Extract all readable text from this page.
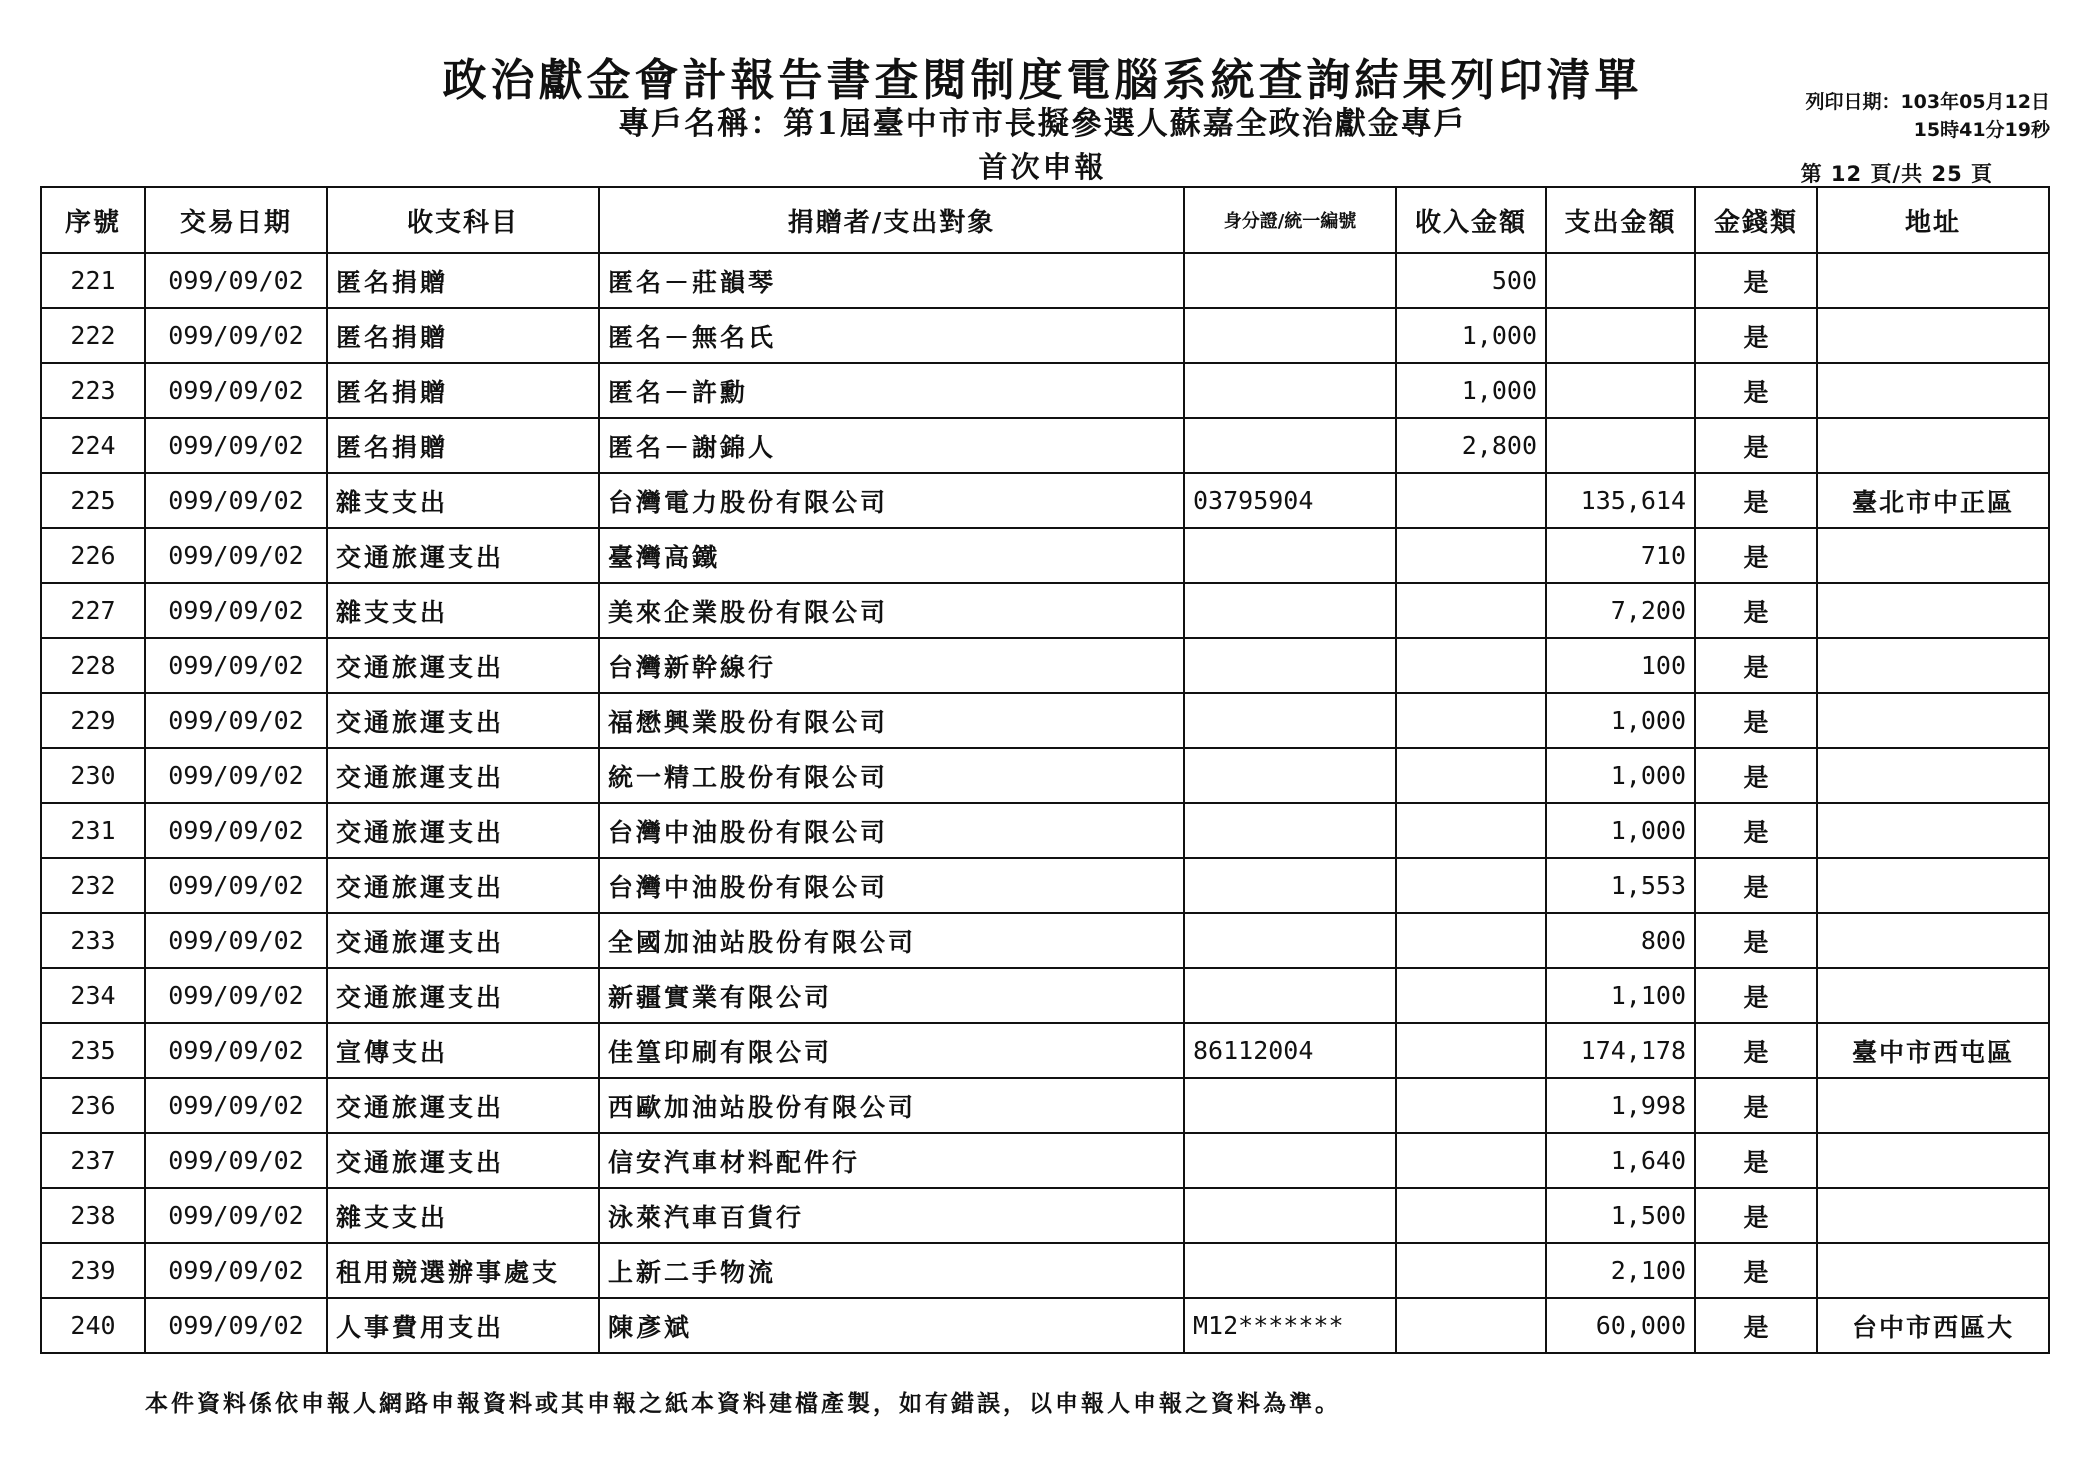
政治獻金會計報告書查閱制度電腦系統查詢結果列印清單
專戶名稱：第1屆臺中市市長擬參選人蘇嘉全政治獻金專戶
首次申報
列印日期：103年05月12日
15時41分19秒
第 12 頁/共 25 頁
序號	交易日期	收支科目	捐贈者/支出對象	身分證/統一編號	收入金額	支出金額	金錢類	地址
221	099/09/02	匿名捐贈	匿名－莊韻琴		500		是	
222	099/09/02	匿名捐贈	匿名－無名氏		1,000		是	
223	099/09/02	匿名捐贈	匿名－許勳		1,000		是	
224	099/09/02	匿名捐贈	匿名－謝錦人		2,800		是	
225	099/09/02	雜支支出	台灣電力股份有限公司	03795904		135,614	是	臺北市中正區
226	099/09/02	交通旅運支出	臺灣高鐵			710	是	
227	099/09/02	雜支支出	美來企業股份有限公司			7,200	是	
228	099/09/02	交通旅運支出	台灣新幹線行			100	是	
229	099/09/02	交通旅運支出	福懋興業股份有限公司			1,000	是	
230	099/09/02	交通旅運支出	統一精工股份有限公司			1,000	是	
231	099/09/02	交通旅運支出	台灣中油股份有限公司			1,000	是	
232	099/09/02	交通旅運支出	台灣中油股份有限公司			1,553	是	
233	099/09/02	交通旅運支出	全國加油站股份有限公司			800	是	
234	099/09/02	交通旅運支出	新疆實業有限公司			1,100	是	
235	099/09/02	宣傳支出	佳篁印刷有限公司	86112004		174,178	是	臺中市西屯區
236	099/09/02	交通旅運支出	西歐加油站股份有限公司			1,998	是	
237	099/09/02	交通旅運支出	信安汽車材料配件行			1,640	是	
238	099/09/02	雜支支出	泳萊汽車百貨行			1,500	是	
239	099/09/02	租用競選辦事處支	上新二手物流			2,100	是	
240	099/09/02	人事費用支出	陳彥斌	M12*******		60,000	是	台中市西區大
本件資料係依申報人網路申報資料或其申報之紙本資料建檔產製，如有錯誤，以申報人申報之資料為準。
